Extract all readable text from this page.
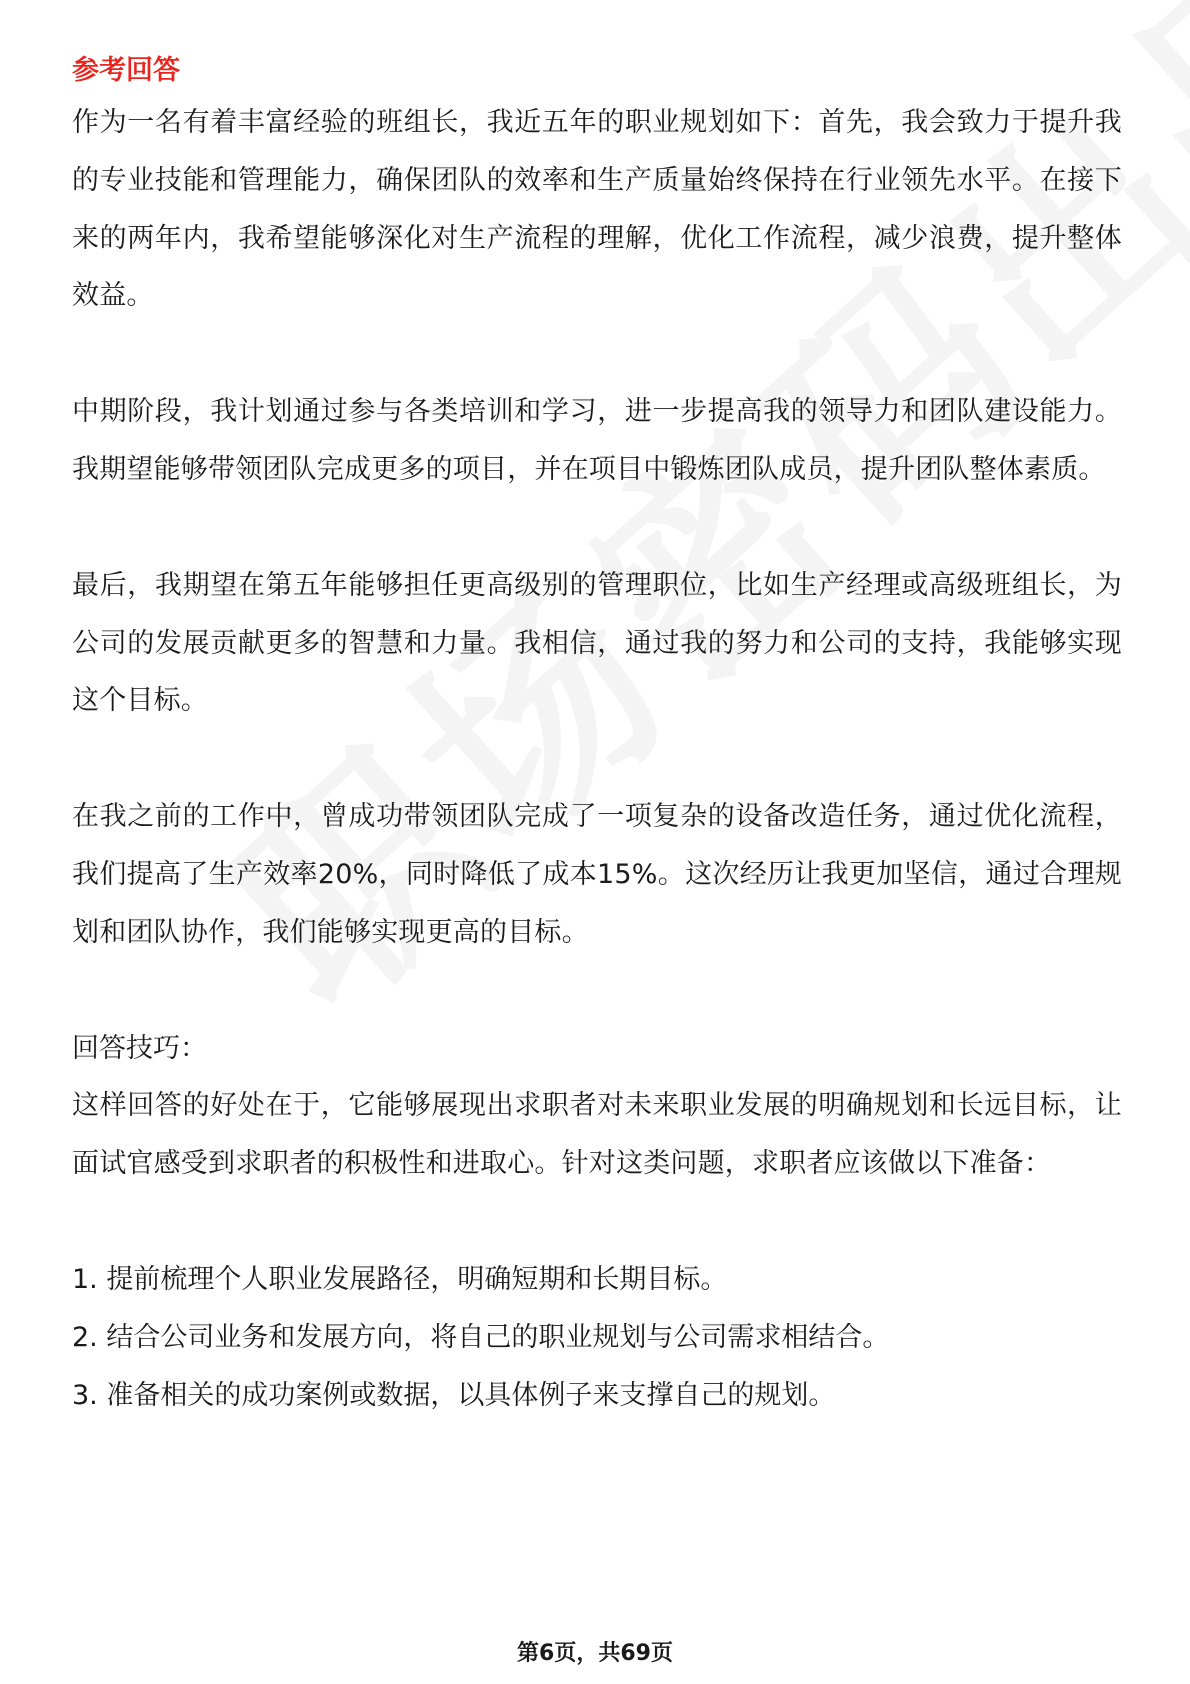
参考回答

作为一名有着丰富经验的班组长，我近五年的职业规划如下：首先，我会致力于提升我的专业技能和管理能力，确保团队的效率和生产质量始终保持在行业领先水平。在接下来的两年内，我希望能够深化对生产流程的理解，优化工作流程，减少浪费，提升整体效益。

中期阶段，我计划通过参与各类培训和学习，进一步提高我的领导力和团队建设能力。我期望能够带领团队完成更多的项目，并在项目中锻炼团队成员，提升团队整体素质。

最后，我期望在第五年能够担任更高级别的管理职位，比如生产经理或高级班组长，为公司的发展贡献更多的智慧和力量。我相信，通过我的努力和公司的支持，我能够实现这个目标。

在我之前的工作中，曾成功带领团队完成了一项复杂的设备改造任务，通过优化流程，我们提高了生产效率20%，同时降低了成本15%。这次经历让我更加坚信，通过合理规划和团队协作，我们能够实现更高的目标。

回答技巧：

这样回答的好处在于，它能够展现出求职者对未来职业发展的明确规划和长远目标，让面试官感受到求职者的积极性和进取心。针对这类问题，求职者应该做以下准备：

1. 提前梳理个人职业发展路径，明确短期和长期目标。
2. 结合公司业务和发展方向，将自己的职业规划与公司需求相结合。
3. 准备相关的成功案例或数据，以具体例子来支撑自己的规划。
第6页，共69页
